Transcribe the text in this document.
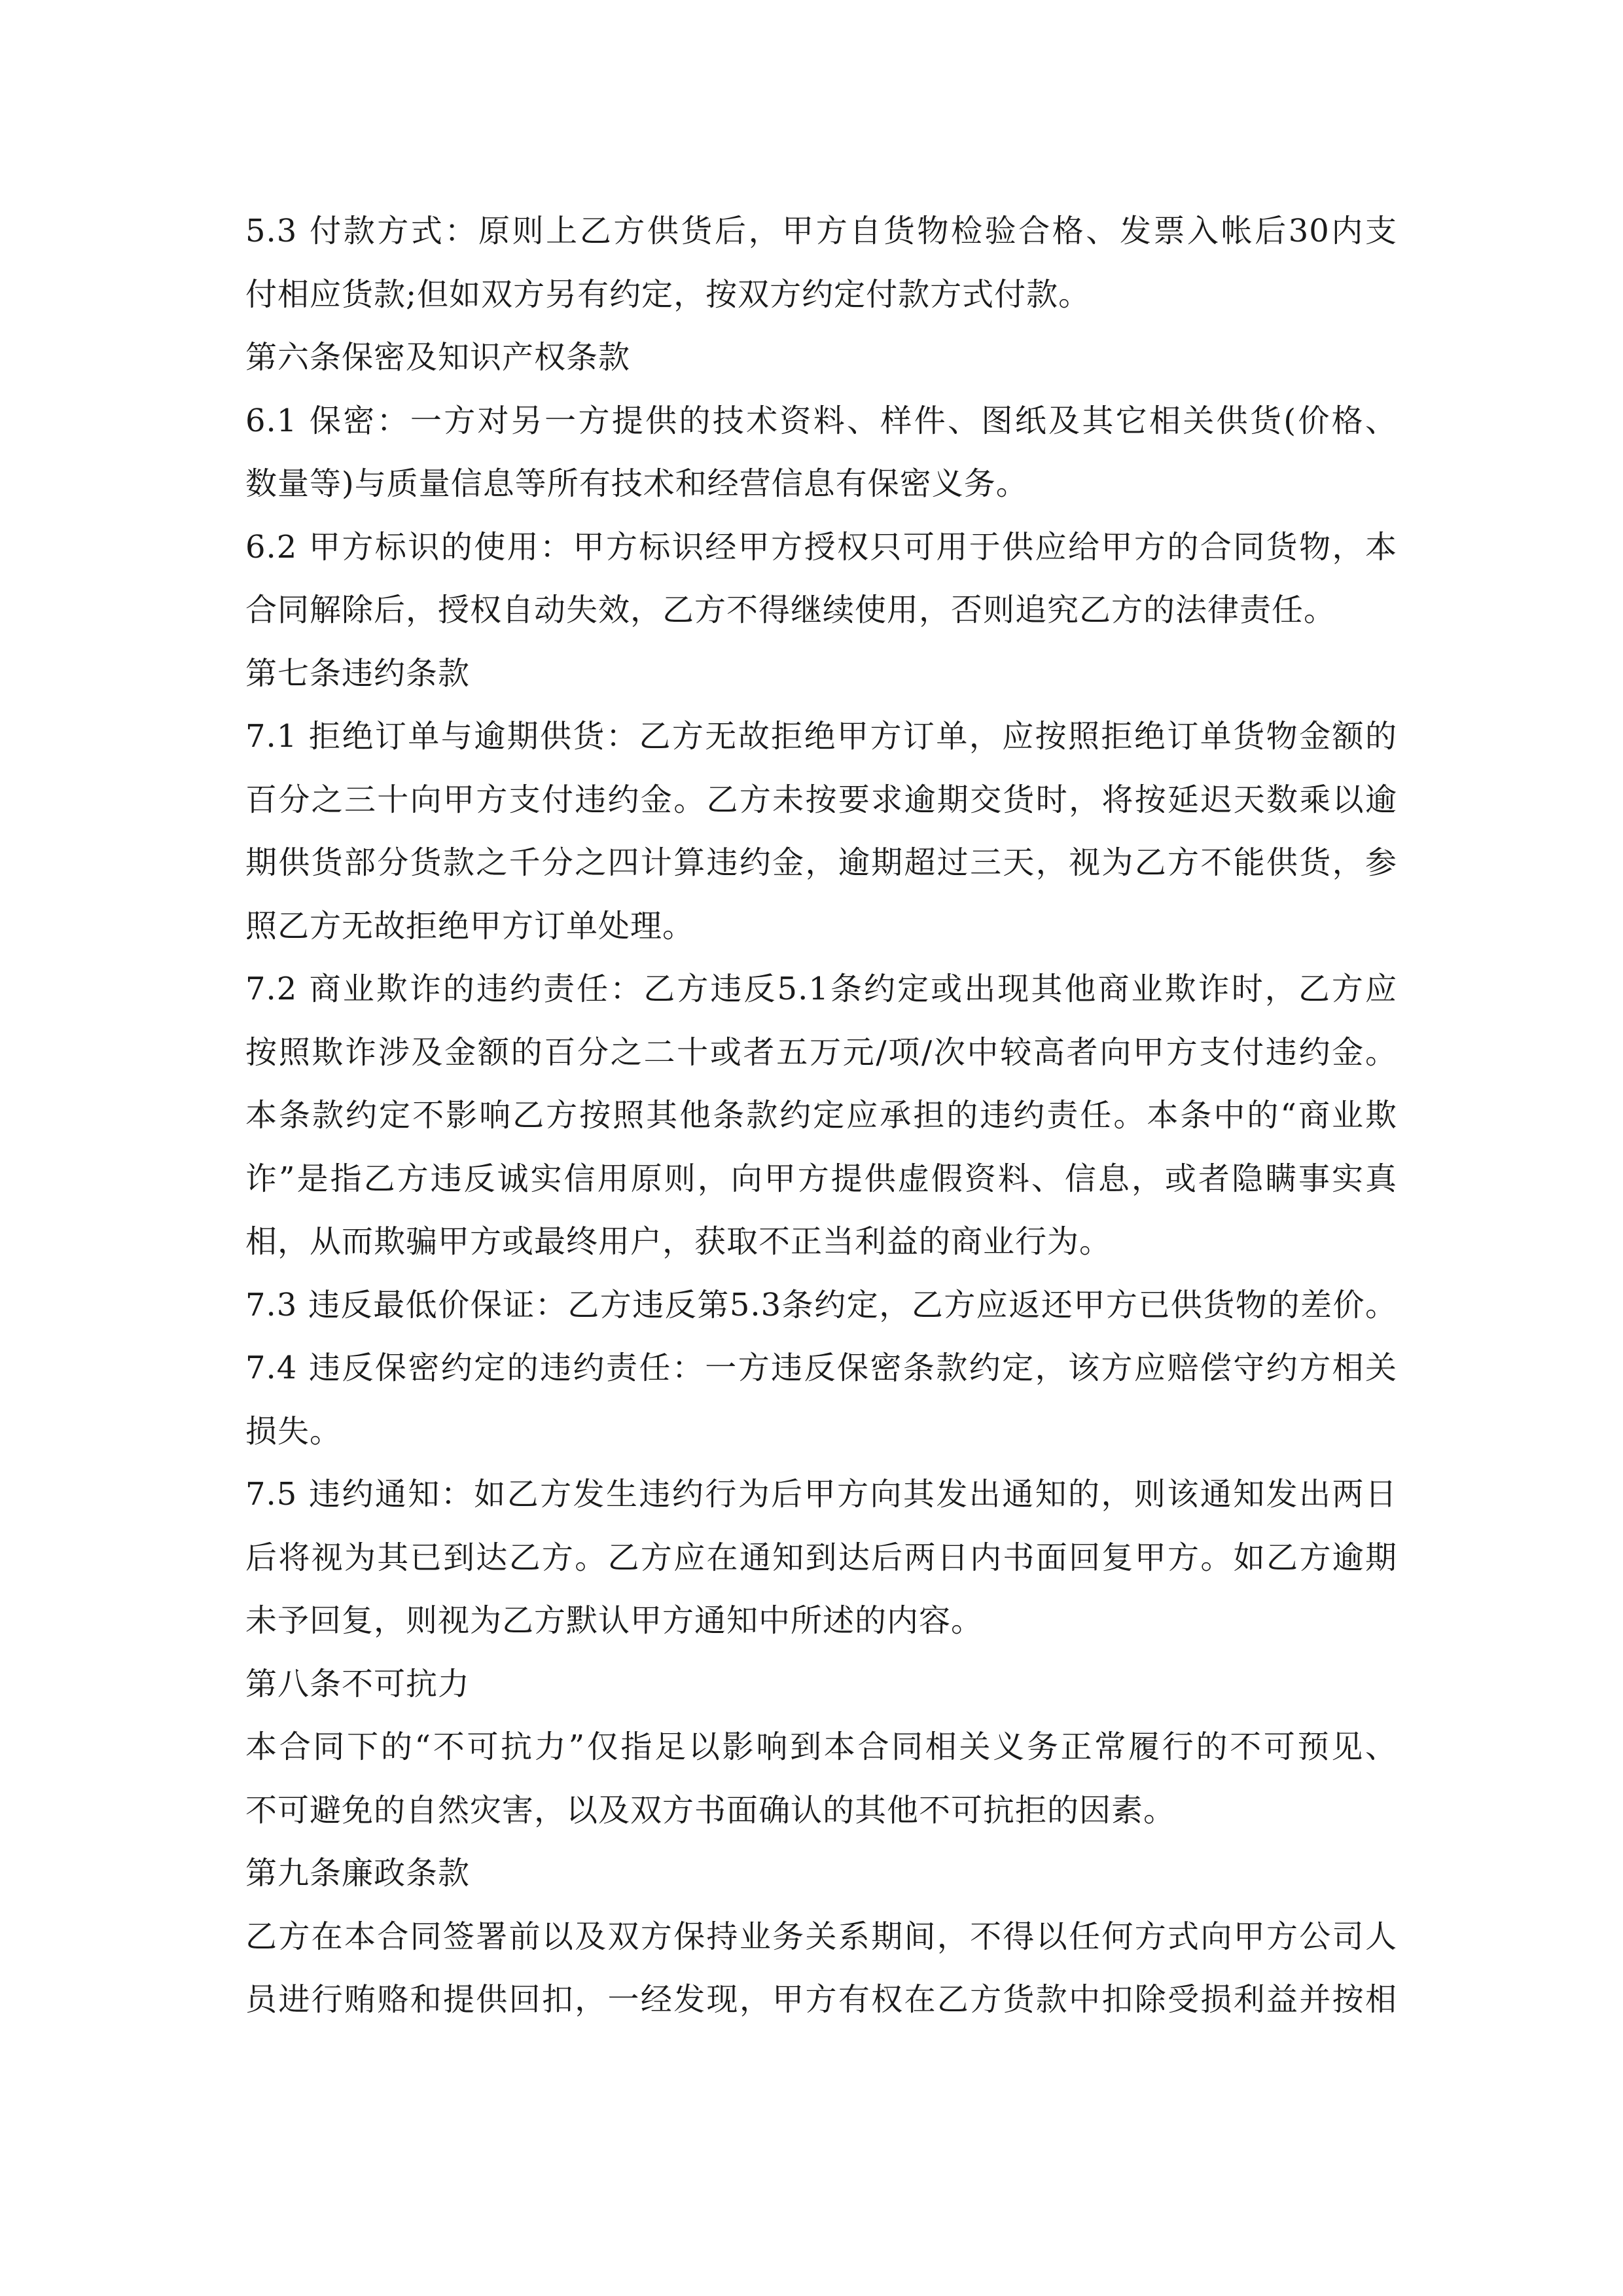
5.3 付款方式：原则上乙方供货后，甲方自货物检验合格、发票入帐后30内支
付相应货款;但如双方另有约定，按双方约定付款方式付款。
第六条保密及知识产权条款
6.1 保密：一方对另一方提供的技术资料、样件、图纸及其它相关供货(价格、
数量等)与质量信息等所有技术和经营信息有保密义务。
6.2 甲方标识的使用：甲方标识经甲方授权只可用于供应给甲方的合同货物，本
合同解除后，授权自动失效，乙方不得继续使用，否则追究乙方的法律责任。
第七条违约条款
7.1 拒绝订单与逾期供货：乙方无故拒绝甲方订单，应按照拒绝订单货物金额的
百分之三十向甲方支付违约金。乙方未按要求逾期交货时，将按延迟天数乘以逾
期供货部分货款之千分之四计算违约金，逾期超过三天，视为乙方不能供货，参
照乙方无故拒绝甲方订单处理。
7.2 商业欺诈的违约责任：乙方违反5.1条约定或出现其他商业欺诈时，乙方应
按照欺诈涉及金额的百分之二十或者五万元/项/次中较高者向甲方支付违约金。
本条款约定不影响乙方按照其他条款约定应承担的违约责任。本条中的“商业欺
诈”是指乙方违反诚实信用原则，向甲方提供虚假资料、信息，或者隐瞒事实真
相，从而欺骗甲方或最终用户，获取不正当利益的商业行为。
7.3 违反最低价保证：乙方违反第5.3条约定，乙方应返还甲方已供货物的差价。
7.4 违反保密约定的违约责任：一方违反保密条款约定，该方应赔偿守约方相关
损失。
7.5 违约通知：如乙方发生违约行为后甲方向其发出通知的，则该通知发出两日
后将视为其已到达乙方。乙方应在通知到达后两日内书面回复甲方。如乙方逾期
未予回复，则视为乙方默认甲方通知中所述的内容。
第八条不可抗力
本合同下的“不可抗力”仅指足以影响到本合同相关义务正常履行的不可预见、
不可避免的自然灾害，以及双方书面确认的其他不可抗拒的因素。
第九条廉政条款
乙方在本合同签署前以及双方保持业务关系期间，不得以任何方式向甲方公司人
员进行贿赂和提供回扣，一经发现，甲方有权在乙方货款中扣除受损利益并按相
